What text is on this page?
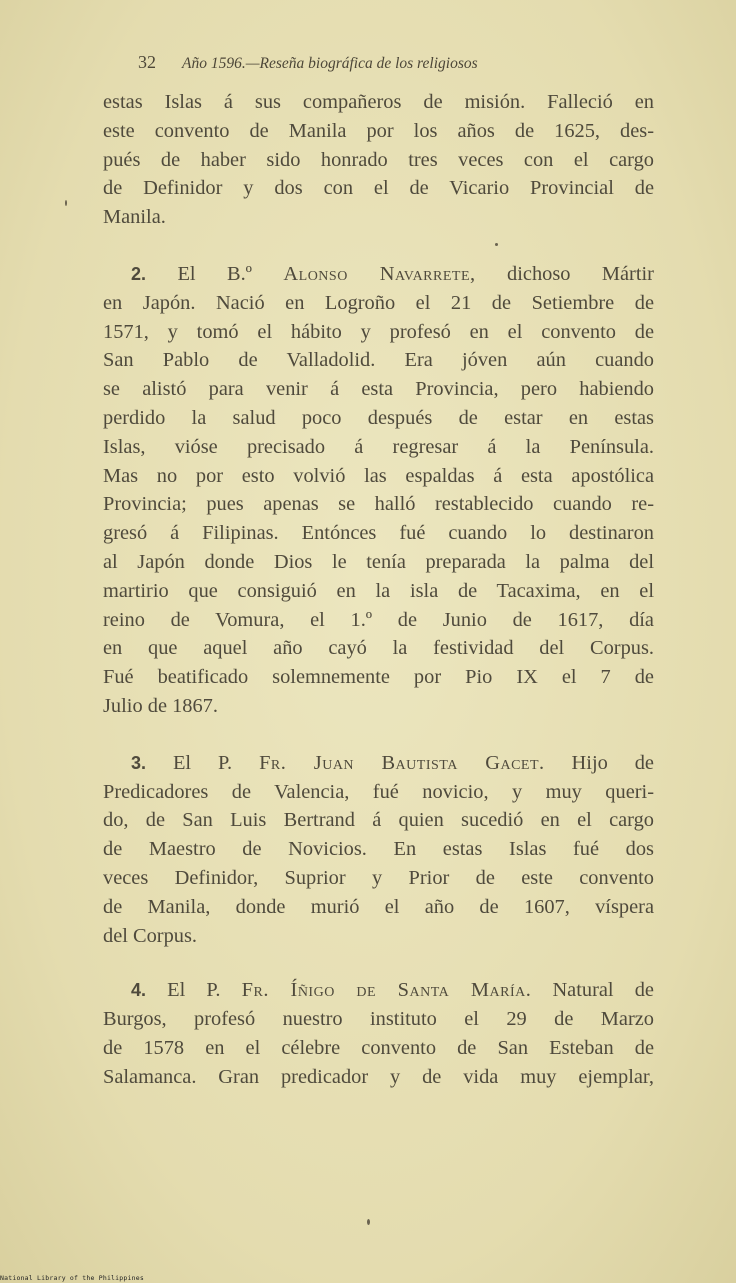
32 Año 1596.—Reseña biográfica de los religiosos
estas Islas á sus compañeros de misión. Falleció en
este convento de Manila por los años de 1625, des-
pués de haber sido honrado tres veces con el cargo
de Definidor y dos con el de Vicario Provincial de
Manila.
2. El B.º Alonso Navarrete, dichoso Mártir
en Japón. Nació en Logroño el 21 de Setiembre de
1571, y tomó el hábito y profesó en el convento de
San Pablo de Valladolid. Era jóven aún cuando
se alistó para venir á esta Provincia, pero habiendo
perdido la salud poco después de estar en estas
Islas, vióse precisado á regresar á la Península.
Mas no por esto volvió las espaldas á esta apostólica
Provincia; pues apenas se halló restablecido cuando re-
gresó á Filipinas. Entónces fué cuando lo destinaron
al Japón donde Dios le tenía preparada la palma del
martirio que consiguió en la isla de Tacaxima, en el
reino de Vomura, el 1.º de Junio de 1617, día
en que aquel año cayó la festividad del Corpus.
Fué beatificado solemnemente por Pio IX el 7 de
Julio de 1867.
3. El P. Fr. Juan Bautista Gacet. Hijo de
Predicadores de Valencia, fué novicio, y muy queri-
do, de San Luis Bertrand á quien sucedió en el cargo
de Maestro de Novicios. En estas Islas fué dos
veces Definidor, Suprior y Prior de este convento
de Manila, donde murió el año de 1607, víspera
del Corpus.
4. El P. Fr. Íñigo de Santa María. Natural de
Burgos, profesó nuestro instituto el 29 de Marzo
de 1578 en el célebre convento de San Esteban de
Salamanca. Gran predicador y de vida muy ejemplar,
National Library of the Philippines
